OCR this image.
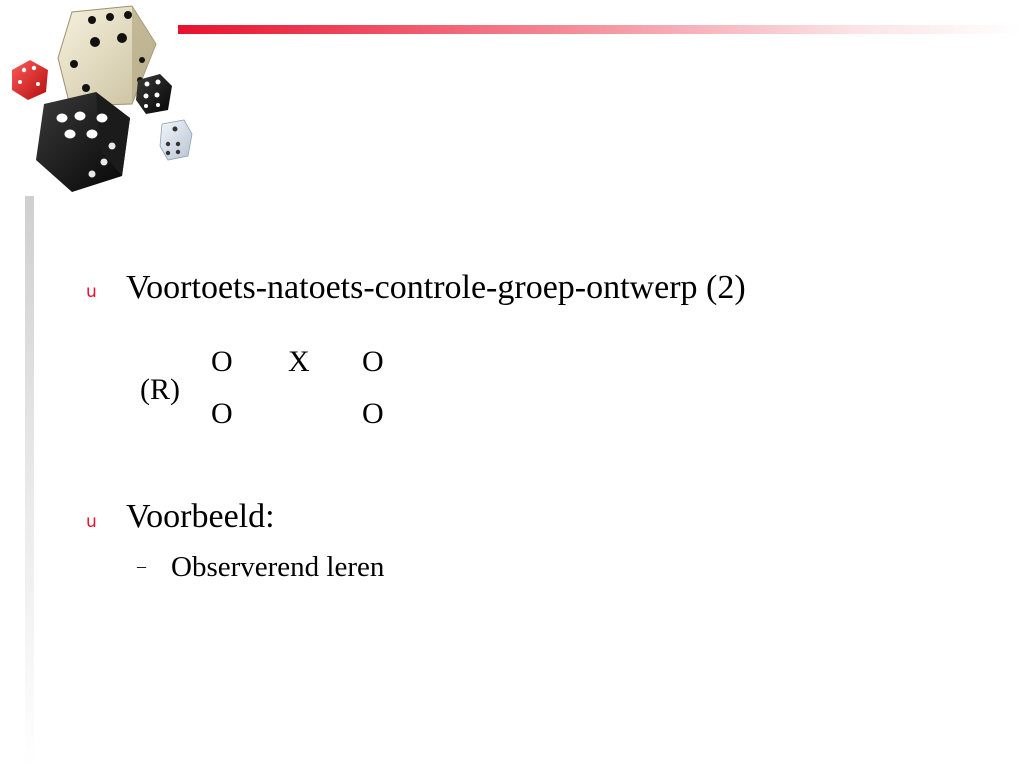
u Voortoets-natoets-controle-groep-ontwerp (2)
(R)
O X O
O	O
u Voorbeeld:
– Observerend leren
